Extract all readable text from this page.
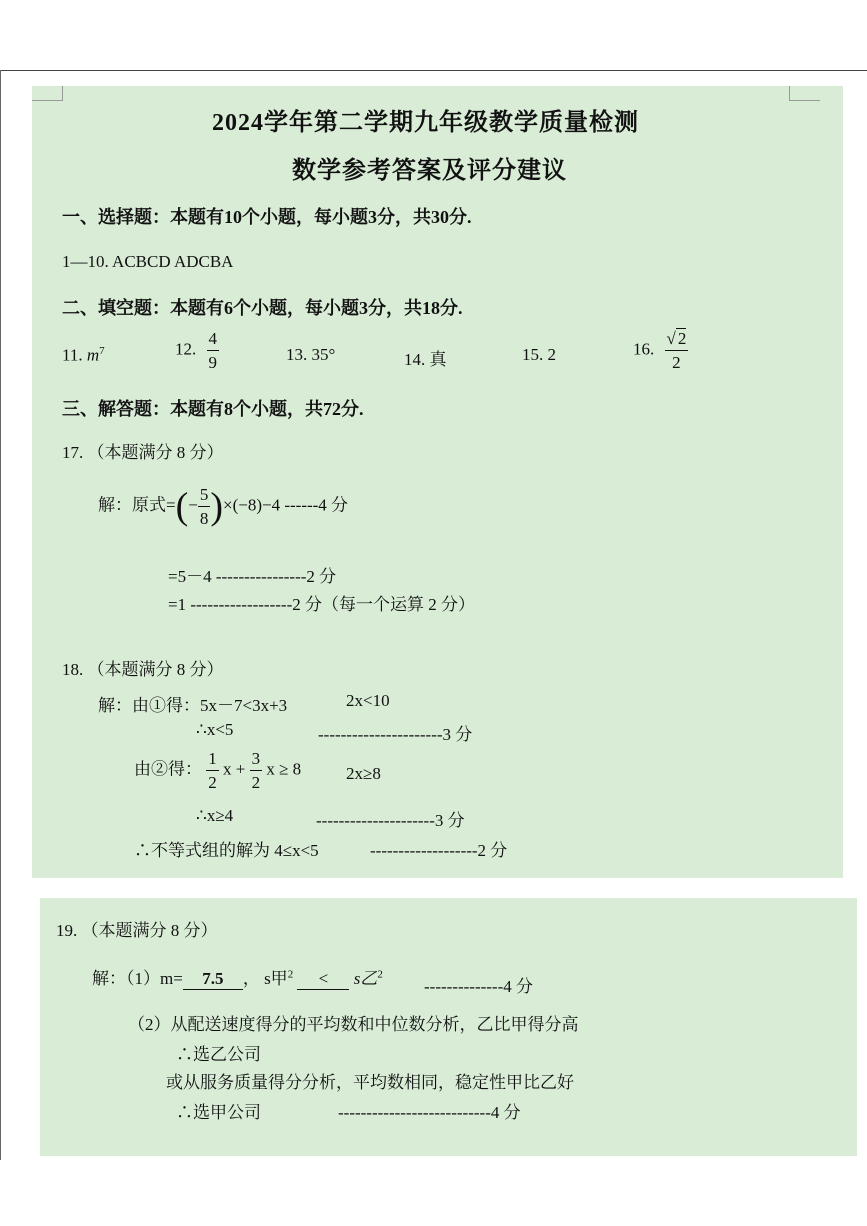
2024学年第二学期九年级教学质量检测
数学参考答案及评分建议
一、选择题：本题有10个小题，每小题3分，共30分.
1—10. ACBCD ADCBA
二、填空题：本题有6个小题，每小题3分，共18分.
11. $m^7$	12. $\frac{4}{9}$	13. 35°	14. 真	15. 2	16. $\frac{√ 2}{2}$
三、解答题：本题有8个小题，共72分.
17. （本题满分 8 分）
解：原式=(− $\frac{5}{8} )\times(-8)-4$ ------4 分
=5－4 ----------------2 分
=1 ------------------2 分（每一个运算 2 分）
18. （本题满分 8 分）
解：由①得：5x－7<3x+3	2x<10
∴x<5	----------------------3 分
由②得： $\frac{1}{2}$ $x + \frac{3}{2}$ x ≥ 8	2x≥8
∴x≥4	---------------------3 分
∴不等式组的解为 4≤x<5	-------------------2 分
19. （本题满分 8 分）
解：（1）m= 7.5 ， s甲$^2$ < s乙$^2$
--------------4 分
（2）从配送速度得分的平均数和中位数分析，乙比甲得分高
∴选乙公司
或从服务质量得分分析，平均数相同，稳定性甲比乙好
∴选甲公司	---------------------------4 分
